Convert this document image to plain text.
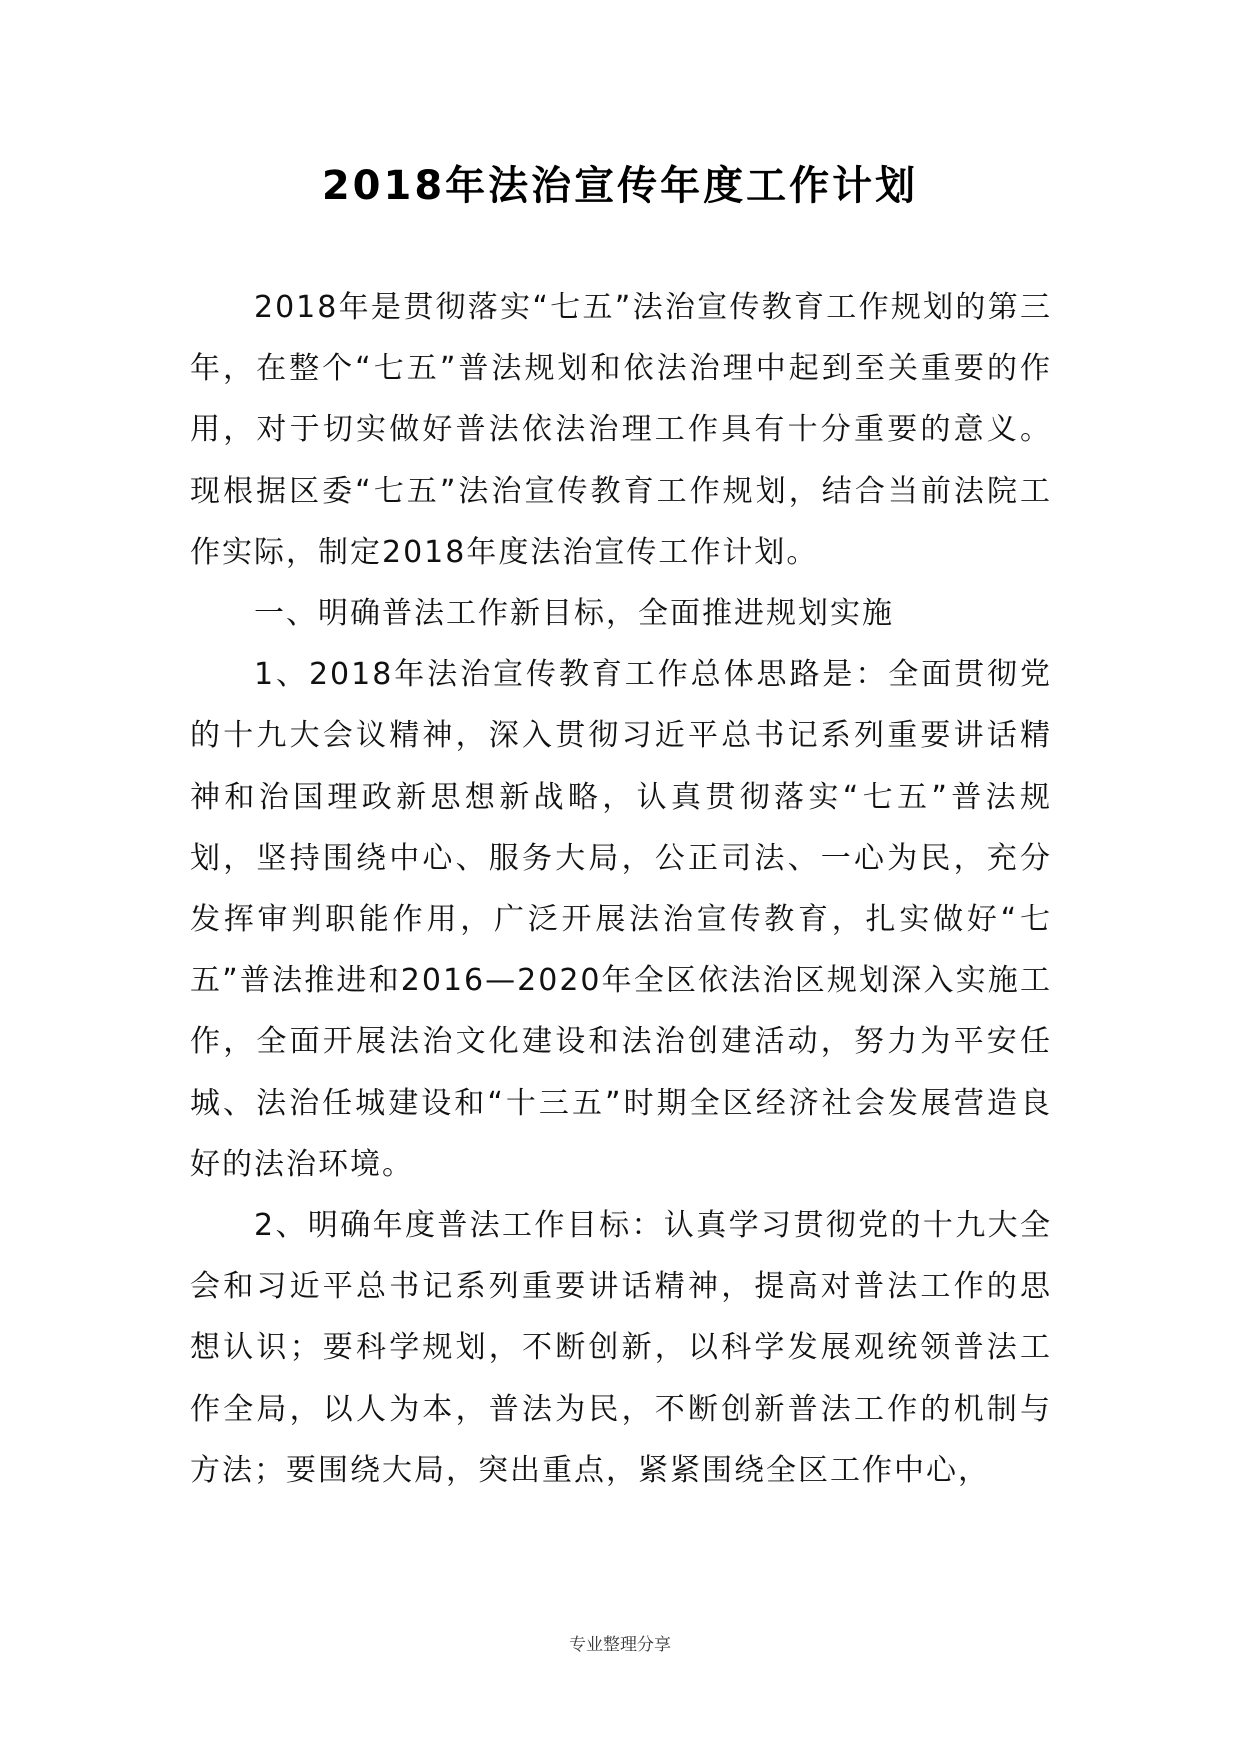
2018年法治宣传年度工作计划

2018年是贯彻落实“七五”法治宣传教育工作规划的第三年，在整个“七五”普法规划和依法治理中起到至关重要的作用，对于切实做好普法依法治理工作具有十分重要的意义。现根据区委“七五”法治宣传教育工作规划，结合当前法院工作实际，制定2018年度法治宣传工作计划。

一、明确普法工作新目标，全面推进规划实施

1、2018年法治宣传教育工作总体思路是：全面贯彻党的十九大会议精神，深入贯彻习近平总书记系列重要讲话精神和治国理政新思想新战略，认真贯彻落实“七五”普法规划，坚持围绕中心、服务大局，公正司法、一心为民，充分发挥审判职能作用，广泛开展法治宣传教育，扎实做好“七五”普法推进和2016—2020年全区依法治区规划深入实施工作，全面开展法治文化建设和法治创建活动，努力为平安任城、法治任城建设和“十三五”时期全区经济社会发展营造良好的法治环境。

2、明确年度普法工作目标：认真学习贯彻党的十九大全会和习近平总书记系列重要讲话精神，提高对普法工作的思想认识；要科学规划，不断创新，以科学发展观统领普法工作全局，以人为本，普法为民，不断创新普法工作的机制与方法；要围绕大局，突出重点，紧紧围绕全区工作中心，

专业整理分享
